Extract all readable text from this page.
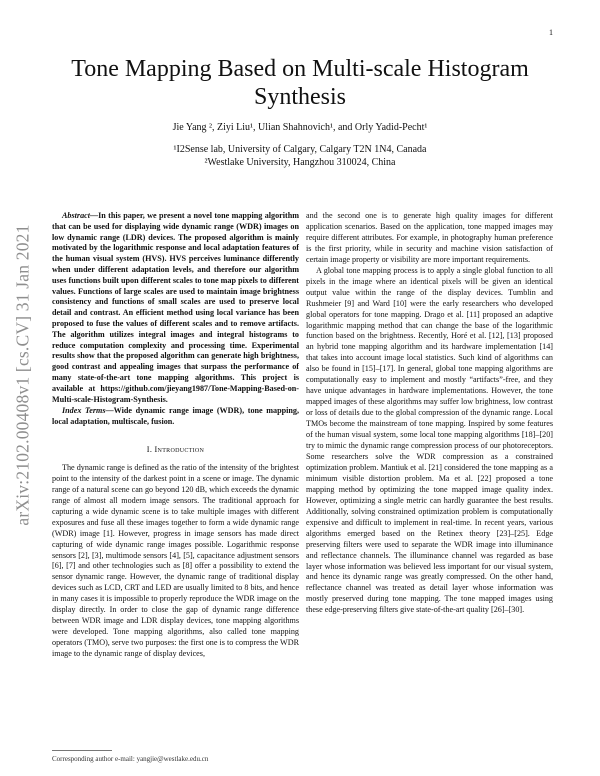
1
arXiv:2102.00408v1 [cs.CV] 31 Jan 2021
Tone Mapping Based on Multi-scale Histogram Synthesis
Jie Yang ², Ziyi Liu¹, Ulian Shahnovich¹, and Orly Yadid-Pecht¹
¹I2Sense lab, University of Calgary, Calgary T2N 1N4, Canada
²Westlake University, Hangzhou 310024, China

Abstract—In this paper, we present a novel tone mapping algorithm that can be used for displaying wide dynamic range (WDR) images on low dynamic range (LDR) devices. The proposed algorithm is mainly motivated by the logarithmic response and local adaptation features of the human visual system (HVS). HVS perceives luminance differently when under different adaptation levels, and therefore our algorithm uses functions built upon different scales to tone map pixels to different values. Functions of large scales are used to maintain image brightness consistency and functions of small scales are used to preserve local detail and contrast. An efficient method using local variance has been proposed to fuse the values of different scales and to remove artifacts. The algorithm utilizes integral images and integral histograms to reduce computation complexity and processing time. Experimental results show that the proposed algorithm can generate high brightness, good contrast and appealing images that surpass the performance of many state-of-the-art tone mapping algorithms. This project is available at https://github.com/jieyang1987/Tone-Mapping-Based-on-Multi-scale-Histogram-Synthesis.

Index Terms—Wide dynamic range image (WDR), tone mapping, local adaptation, multiscale, fusion.

I. Introduction

The dynamic range is defined as the ratio of the intensity of the brightest point to the intensity of the darkest point in a scene or image. The dynamic range of a natural scene can go beyond 120 dB, which exceeds the dynamic range of almost all modern image sensors. The traditional approach for capturing a wide dynamic scene is to take multiple images with different exposures and fuse all these images together to form a wide dynamic range (WDR) image [1]. However, progress in image sensors has made direct capturing of wide dynamic range images possible. Logarithmic response sensors [2], [3], multimode sensors [4], [5], capacitance adjustment sensors [6], [7] and other technologies such as [8] offer a possibility to extend the sensor dynamic range. However, the dynamic range of traditional display devices such as LCD, CRT and LED are usually limited to 8 bits, and hence in many cases it is impossible to properly reproduce the WDR image on the display directly. In order to close the gap of dynamic range difference between WDR image and LDR display devices, tone mapping algorithms were developed. Tone mapping algorithms, also called tone mapping operators (TMO), serve two purposes: the first one is to compress the WDR image to the dynamic range of display devices,

and the second one is to generate high quality images for different application scenarios. Based on the application, tone mapped images may require different attributes. For example, in photography human preference is the first priority, while in security and machine vision satisfaction of certain image property or visibility are more important requirements.

A global tone mapping process is to apply a single global function to all pixels in the image where an identical pixels will be given an identical output value within the range of the display devices. Tumblin and Rushmeier [9] and Ward [10] were the early researchers who developed global operators for tone mapping. Drago et al. [11] proposed an adaptive logarithmic mapping method that can change the base of the logarithmic function based on the brightness. Recently, Horé et al. [12], [13] proposed an hybrid tone mapping algorithm and its hardware implementation [14] that takes into account image local statistics. Such kind of algorithms can also be found in [15]–[17]. In general, global tone mapping algorithms are computationally easy to implement and mostly “artifacts”-free, and they have unique advantages in hardware implementations. However, the tone mapped images of these algorithms may suffer low brightness, low contrast or loss of details due to the global compression of the dynamic range. Local TMOs become the mainstream of tone mapping. Inspired by some features of the human visual system, some local tone mapping algorithms [18]–[20] try to mimic the dynamic range compression process of our photoreceptors. Some researchers solve the WDR compression as a constrained optimization problem. Mantiuk et al. [21] considered the tone mapping as a minimum visible distortion problem. Ma et al. [22] proposed a tone mapping method by optimizing the tone mapped image quality index. However, optimizing a single metric can hardly guarantee the best results. Additionally, solving constrained optimization problem is computationally expensive and difficult to implement in real-time. In recent years, various algorithms emerged based on the Retinex theory [23]–[25]. Edge preserving filters were used to separate the WDR image into illuminance and reflectance channels. The illuminance channel was regarded as base layer whose information was believed less important for our visual system, and hence its dynamic range was greatly compressed. On the other hand, reflectance channel was treated as detail layer whose information was mostly preserved during tone mapping. The tone mapped images using these edge-preserving filters give state-of-the-art quality [26]–[30].

Corresponding author e-mail: yangjie@westlake.edu.cn
